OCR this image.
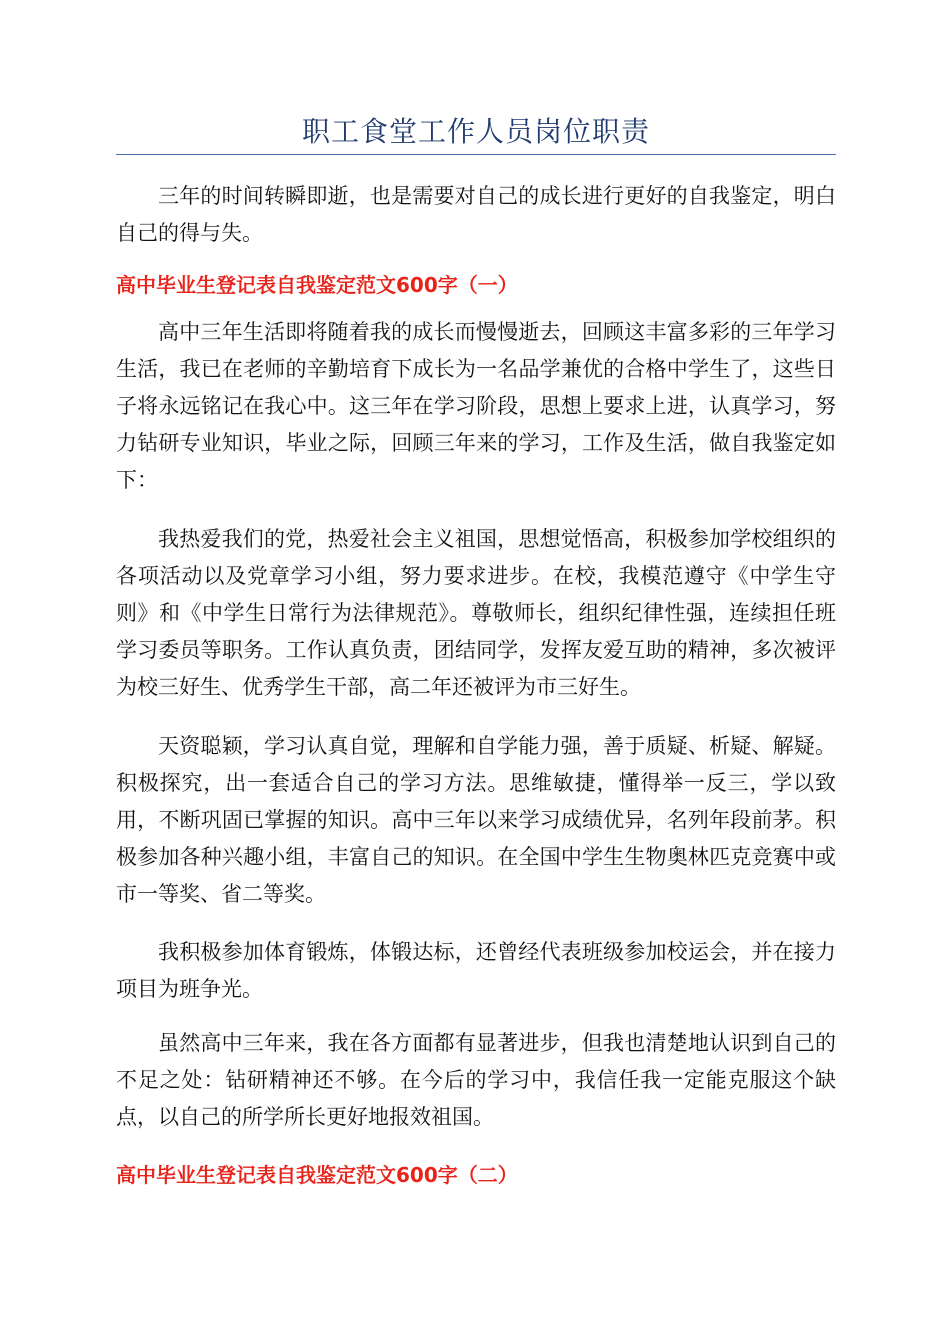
职工食堂工作人员岗位职责

三年的时间转瞬即逝，也是需要对自己的成长进行更好的自我鉴定，明白自己的得与失。

高中毕业生登记表自我鉴定范文600字（一）

高中三年生活即将随着我的成长而慢慢逝去，回顾这丰富多彩的三年学习生活，我已在老师的辛勤培育下成长为一名品学兼优的合格中学生了，这些日子将永远铭记在我心中。这三年在学习阶段，思想上要求上进，认真学习，努力钻研专业知识，毕业之际，回顾三年来的学习，工作及生活，做自我鉴定如下：

我热爱我们的党，热爱社会主义祖国，思想觉悟高，积极参加学校组织的各项活动以及党章学习小组，努力要求进步。在校，我模范遵守《中学生守则》和《中学生日常行为法律规范》。尊敬师长，组织纪律性强，连续担任班学习委员等职务。工作认真负责，团结同学，发挥友爱互助的精神，多次被评为校三好生、优秀学生干部，高二年还被评为市三好生。

天资聪颖，学习认真自觉，理解和自学能力强，善于质疑、析疑、解疑。积极探究，出一套适合自己的学习方法。思维敏捷，懂得举一反三，学以致用，不断巩固已掌握的知识。高中三年以来学习成绩优异，名列年段前茅。积极参加各种兴趣小组，丰富自己的知识。在全国中学生生物奥林匹克竞赛中或市一等奖、省二等奖。

我积极参加体育锻炼，体锻达标，还曾经代表班级参加校运会，并在接力项目为班争光。

虽然高中三年来，我在各方面都有显著进步，但我也清楚地认识到自己的不足之处：钻研精神还不够。在今后的学习中，我信任我一定能克服这个缺点，以自己的所学所长更好地报效祖国。

高中毕业生登记表自我鉴定范文600字（二）
